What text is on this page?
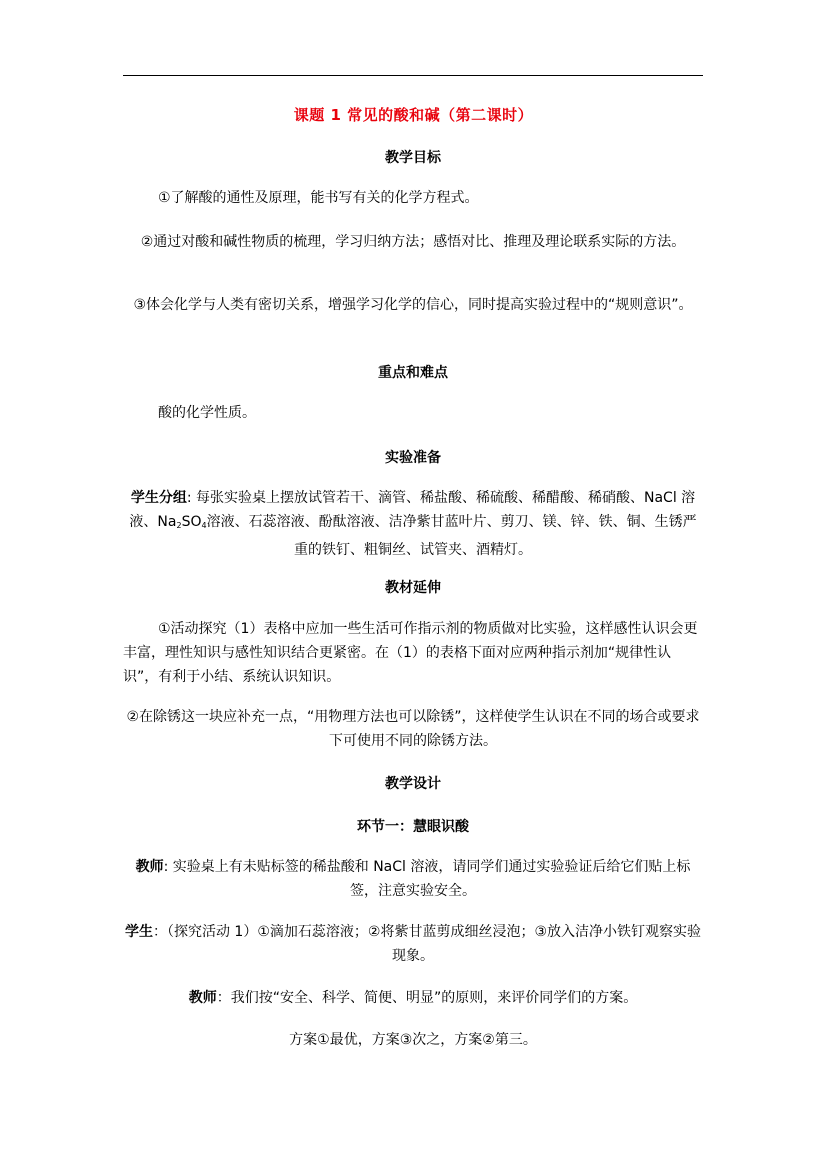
课题 1 常见的酸和碱（第二课时）
教学目标
①了解酸的通性及原理，能书写有关的化学方程式。
②通过对酸和碱性物质的梳理，学习归纳方法；感悟对比、推理及理论联系实际的方法。
③体会化学与人类有密切关系，增强学习化学的信心，同时提高实验过程中的“规则意识”。
重点和难点
酸的化学性质。
实验准备
学生分组: 每张实验桌上摆放试管若干、滴管、稀盐酸、稀硫酸、稀醋酸、稀硝酸、NaCl 溶液、$Na_2SO_4$溶液、石蕊溶液、酚酞溶液、洁净紫甘蓝叶片、剪刀、镁、锌、铁、铜、生锈严重的铁钉、粗铜丝、试管夹、酒精灯。
教材延伸
①活动探究（1）表格中应加一些生活可作指示剂的物质做对比实验，这样感性认识会更丰富，理性知识与感性知识结合更紧密。在（1）的表格下面对应两种指示剂加“规律性认识”，有利于小结、系统认识知识。
②在除锈这一块应补充一点，“用物理方法也可以除锈”，这样使学生认识在不同的场合或要求下可使用不同的除锈方法。
教学设计
环节一：慧眼识酸
教师: 实验桌上有未贴标签的稀盐酸和 NaCl 溶液，请同学们通过实验验证后给它们贴上标签，注意实验安全。
学生：（探究活动 1）①滴加石蕊溶液；②将紫甘蓝剪成细丝浸泡；③放入洁净小铁钉观察实验现象。
教师：我们按“安全、科学、简便、明显”的原则，来评价同学们的方案。
方案①最优，方案③次之，方案②第三。
